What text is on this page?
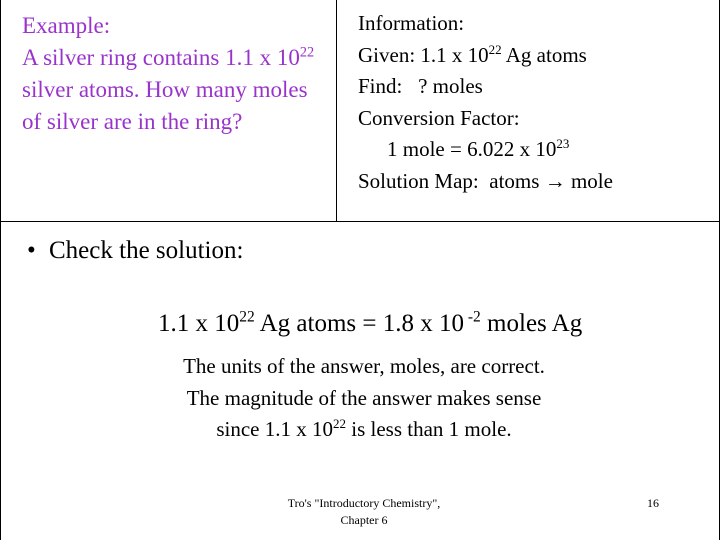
Example:
A silver ring contains 1.1 x $10^{22}$ silver atoms. How many moles of silver are in the ring?
Information:
Given: 1.1 x $10^{22}$ Ag atoms
Find:   ? moles
Conversion Factor:
1 mole = 6.022 x $10^{23}$
Solution Map:  atoms → mole
• Check the solution:
1.1 x $10^{22}$ Ag atoms = 1.8 x 10 $^{-2}$ moles Ag
The units of the answer, moles, are correct.
The magnitude of the answer makes sense
since 1.1 x $10^{22}$ is less than 1 mole.
Tro's "Introductory Chemistry",
Chapter 6
16
